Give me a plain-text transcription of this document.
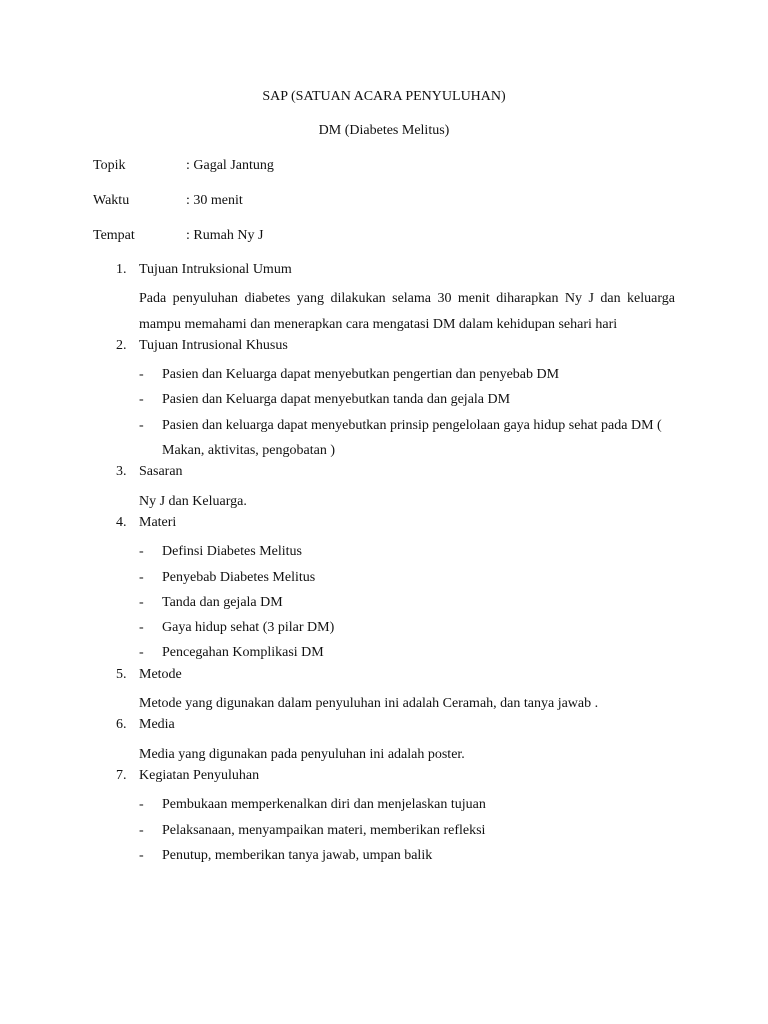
SAP (SATUAN ACARA PENYULUHAN)
DM (Diabetes Melitus)
Topik	: Gagal Jantung
Waktu	: 30 menit
Tempat	: Rumah Ny J
1. Tujuan Intruksional Umum
Pada penyuluhan diabetes yang dilakukan selama 30 menit diharapkan Ny J dan keluarga mampu memahami dan menerapkan cara mengatasi DM dalam kehidupan sehari hari
2. Tujuan Intrusional Khusus
- Pasien dan Keluarga dapat menyebutkan pengertian dan penyebab DM
- Pasien dan Keluarga dapat menyebutkan tanda dan gejala DM
- Pasien dan keluarga dapat menyebutkan prinsip pengelolaan gaya hidup sehat pada DM ( Makan, aktivitas, pengobatan )
3. Sasaran
Ny J dan Keluarga.
4. Materi
- Definsi Diabetes Melitus
- Penyebab Diabetes Melitus
- Tanda dan gejala DM
- Gaya hidup sehat (3 pilar DM)
- Pencegahan Komplikasi DM
5. Metode
Metode yang digunakan dalam penyuluhan ini adalah Ceramah, dan tanya jawab .
6. Media
Media yang digunakan pada penyuluhan ini adalah poster.
7. Kegiatan Penyuluhan
- Pembukaan memperkenalkan diri dan menjelaskan tujuan
- Pelaksanaan, menyampaikan materi, memberikan refleksi
- Penutup, memberikan tanya jawab, umpan balik
